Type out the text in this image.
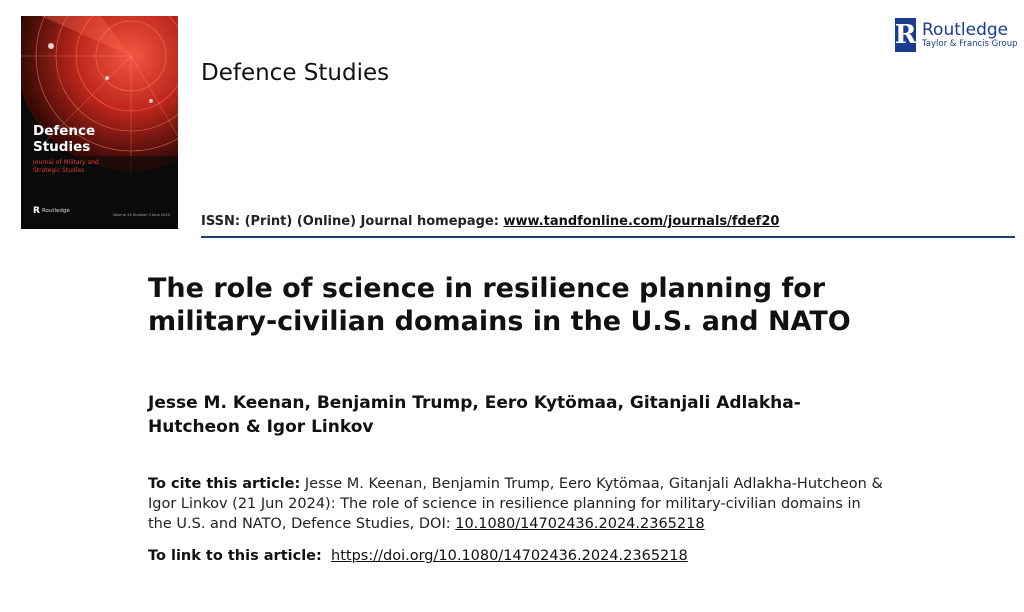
Defence
Studies
Journal of Military and Strategic Studies
R Routledge
Volume 24 Number 3 June 2024
Defence Studies
ISSN: (Print) (Online) Journal homepage: www.tandfonline.com/journals/fdef20
R Routledge
Taylor & Francis Group
The role of science in resilience planning for military-civilian domains in the U.S. and NATO
Jesse M. Keenan, Benjamin Trump, Eero Kytömaa, Gitanjali Adlakha-Hutcheon & Igor Linkov
To cite this article: Jesse M. Keenan, Benjamin Trump, Eero Kytömaa, Gitanjali Adlakha-Hutcheon & Igor Linkov (21 Jun 2024): The role of science in resilience planning for military-civilian domains in the U.S. and NATO, Defence Studies, DOI: 10.1080/14702436.2024.2365218
To link to this article: https://doi.org/10.1080/14702436.2024.2365218
